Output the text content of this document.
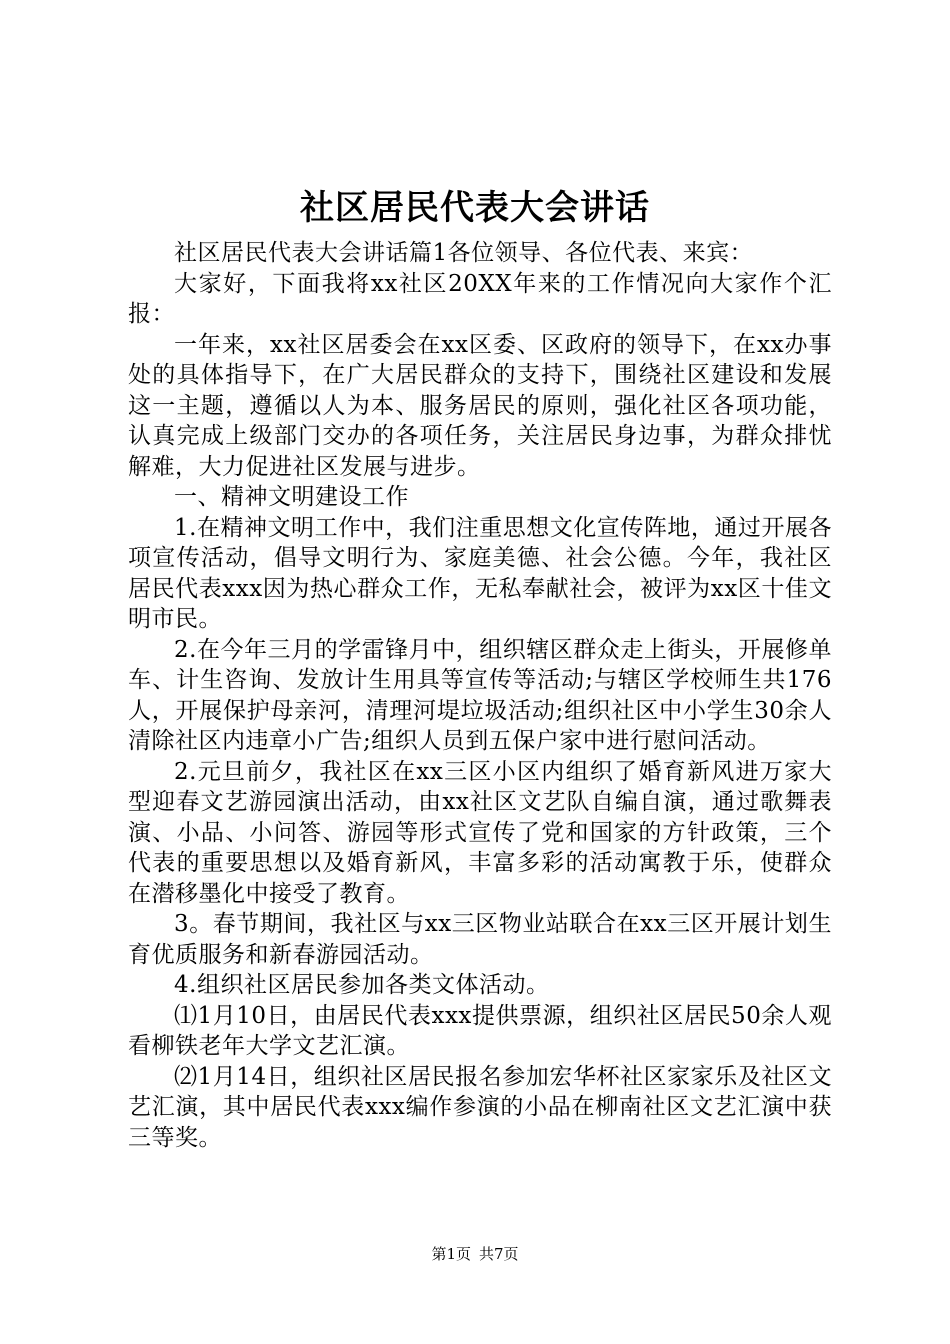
社区居民代表大会讲话

社区居民代表大会讲话篇1各位领导、各位代表、来宾：

大家好，下面我将xx社区20XX年来的工作情况向大家作个汇报：

一年来，xx社区居委会在xx区委、区政府的领导下，在xx办事处的具体指导下，在广大居民群众的支持下，围绕社区建设和发展这一主题，遵循以人为本、服务居民的原则，强化社区各项功能，认真完成上级部门交办的各项任务，关注居民身边事，为群众排忧解难，大力促进社区发展与进步。

一、精神文明建设工作

1.在精神文明工作中，我们注重思想文化宣传阵地，通过开展各项宣传活动，倡导文明行为、家庭美德、社会公德。今年，我社区居民代表xxx因为热心群众工作，无私奉献社会，被评为xx区十佳文明市民。

2.在今年三月的学雷锋月中，组织辖区群众走上街头，开展修单车、计生咨询、发放计生用具等宣传等活动;与辖区学校师生共176人，开展保护母亲河，清理河堤垃圾活动;组织社区中小学生30余人清除社区内违章小广告;组织人员到五保户家中进行慰问活动。

2.元旦前夕，我社区在xx三区小区内组织了婚育新风进万家大型迎春文艺游园演出活动，由xx社区文艺队自编自演，通过歌舞表演、小品、小问答、游园等形式宣传了党和国家的方针政策，三个代表的重要思想以及婚育新风，丰富多彩的活动寓教于乐，使群众在潜移墨化中接受了教育。

3。春节期间，我社区与xx三区物业站联合在xx三区开展计划生育优质服务和新春游园活动。

4.组织社区居民参加各类文体活动。

⑴1月10日，由居民代表xxx提供票源，组织社区居民50余人观看柳铁老年大学文艺汇演。

⑵1月14日，组织社区居民报名参加宏华杯社区家家乐及社区文艺汇演，其中居民代表xxx编作参演的小品在柳南社区文艺汇演中获三等奖。

第1页 共7页
